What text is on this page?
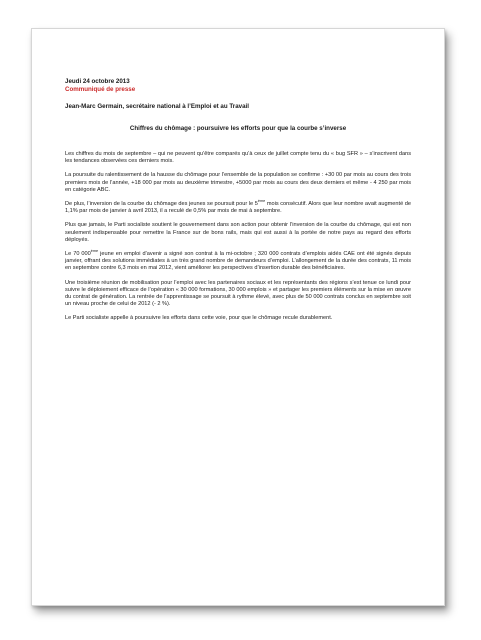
Jeudi 24 octobre 2013
Communiqué de presse
Jean-Marc Germain, secrétaire national à l’Emploi et au Travail
Chiffres du chômage : poursuivre les efforts pour que la courbe s’inverse

Les chiffres du mois de septembre – qui ne peuvent qu’être comparés qu’à ceux de juillet compte tenu du « bug SFR » – s’inscrivent dans les tendances observées ces derniers mois.

La poursuite du ralentissement de la hausse du chômage pour l’ensemble de la population se confirme : +30 00 par mois au cours des trois premiers mois de l’année, +18 000 par mois au deuxième trimestre, +5000 par mois au cours des deux derniers et même - 4 250 par mois en catégorie ABC.

De plus, l’inversion de la courbe du chômage des jeunes se poursuit pour le 5ème mois consécutif. Alors que leur nombre avait augmenté de 1,1% par mois de janvier à avril 2013, il a reculé de 0,5% par mois de mai à septembre.

Plus que jamais, le Parti socialiste soutient le gouvernement dans son action pour obtenir l’inversion de la courbe du chômage, qui est non seulement indispensable pour remettre la France sur de bons rails, mais qui est aussi à la portée de notre pays au regard des efforts déployés.

Le 70 000ème jeune en emploi d’avenir a signé son contrat à la mi-octobre ; 320 000 contrats d’emplois aidés CAE ont été signés depuis janvier, offrant des solutions immédiates à un très grand nombre de demandeurs d’emploi. L’allongement de la durée des contrats, 11 mois en septembre contre 6,3 mois en mai 2012, vient améliorer les perspectives d’insertion durable des bénéficiaires.

Une troisième réunion de mobilisation pour l’emploi avec les partenaires sociaux et les représentants des régions s’est tenue ce lundi pour suivre le déploiement efficace de l’opération « 30 000 formations, 30 000 emplois » et partager les premiers éléments sur la mise en œuvre du contrat de génération. La rentrée de l’apprentissage se poursuit à rythme élevé, avec plus de 50 000 contrats conclus en septembre soit un niveau proche de celui de 2012 (- 2 %).

Le Parti socialiste appelle à poursuivre les efforts dans cette voie, pour que le chômage recule durablement.
